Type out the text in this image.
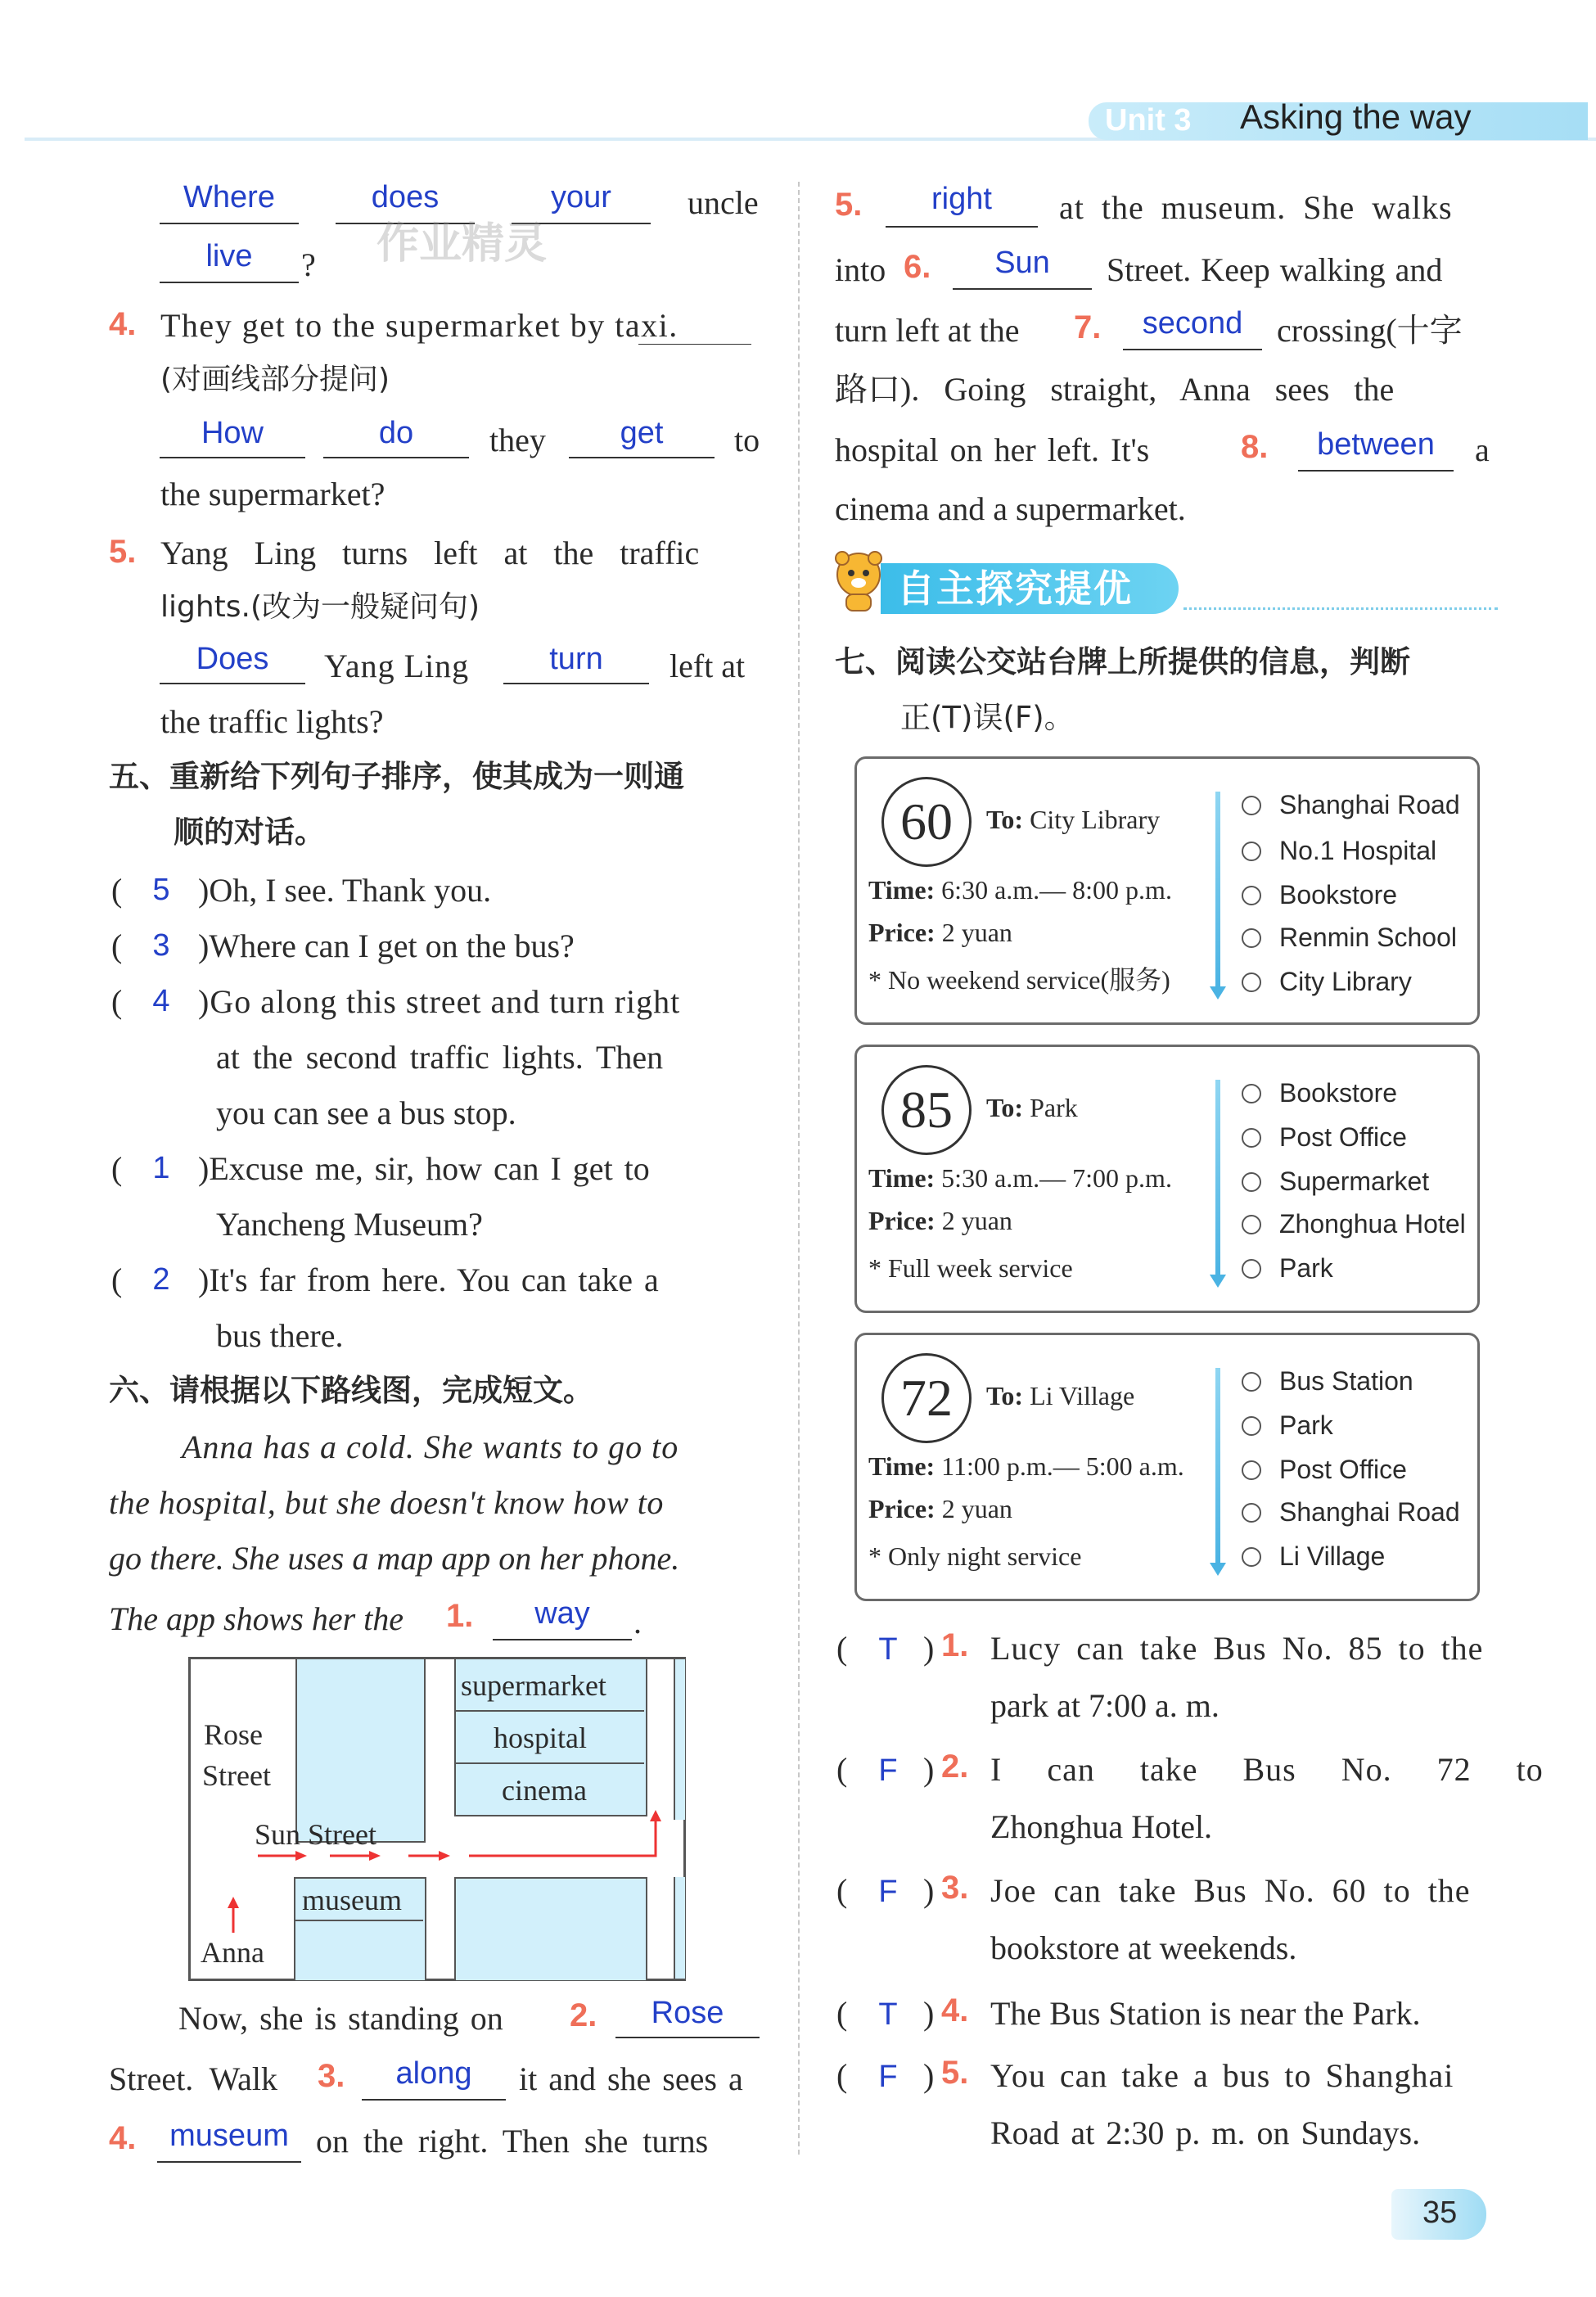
Unit 3 Asking the way
Where	does	your	uncle
live	? 作业精灵
4. They get to the supermarket by taxi.
(对画线部分提问)
How	do	they	get	to
the supermarket?
5. Yang Ling turns left at the traffic
lights.(改为一般疑问句)
Does	Yang Ling	turn	left at
the traffic lights?
五、重新给下列句子排序，使其成为一则通
顺的对话。
( 5 )Oh, I see. Thank you.
( 3 )Where can I get on the bus?
( 4 )Go along this street and turn right
at the second traffic lights. Then
you can see a bus stop.
( 1 )Excuse me, sir, how can I get to
Yancheng Museum?
( 2 )It's far from here. You can take a
bus there.
六、请根据以下路线图，完成短文。
Anna has a cold. She wants to go to
the hospital, but she doesn't know how to
go there. She uses a map app on her phone.
The app shows her the 1.	way	.
supermarket
hospital
cinema
Rose
Street
Sun Street
museum
Anna
Now, she is standing on 2.	Rose
Street. Walk 3.	along	it and she sees a
4.	museum on the right. Then she turns
5.	right	at the museum. She walks
into 6.	Sun	Street. Keep walking and
turn left at the 7.	second	crossing(十字
路口). Going straight, Anna sees the
hospital on her left. It's	8.	between	a
cinema and a supermarket.
自主探究提优
七、阅读公交站台牌上所提供的信息，判断
正(T)误(F)。
60	To: City Library
Time: 6:30 a.m.— 8:00 p.m.
Price: 2 yuan
* No weekend service(服务)
Shanghai Road
No.1 Hospital
Bookstore
Renmin School
City Library
85	To: Park
Time: 5:30 a.m.— 7:00 p.m.
Price: 2 yuan
* Full week service
Bookstore
Post Office
Supermarket
Zhonghua Hotel
Park
72	To: Li Village
Time: 11:00 p.m.— 5:00 a.m.
Price: 2 yuan
* Only night service
Bus Station
Park
Post Office
Shanghai Road
Li Village
(	T ) 1. Lucy can take Bus No. 85 to the
park at 7:00 a. m.
(	F ) 2. I can take Bus No. 72 to
Zhonghua Hotel.
(	F ) 3. Joe can take Bus No. 60 to the
bookstore at weekends.
(	T ) 4. The Bus Station is near the Park.
(	F ) 5. You can take a bus to Shanghai
Road at 2:30 p. m. on Sundays.
35
